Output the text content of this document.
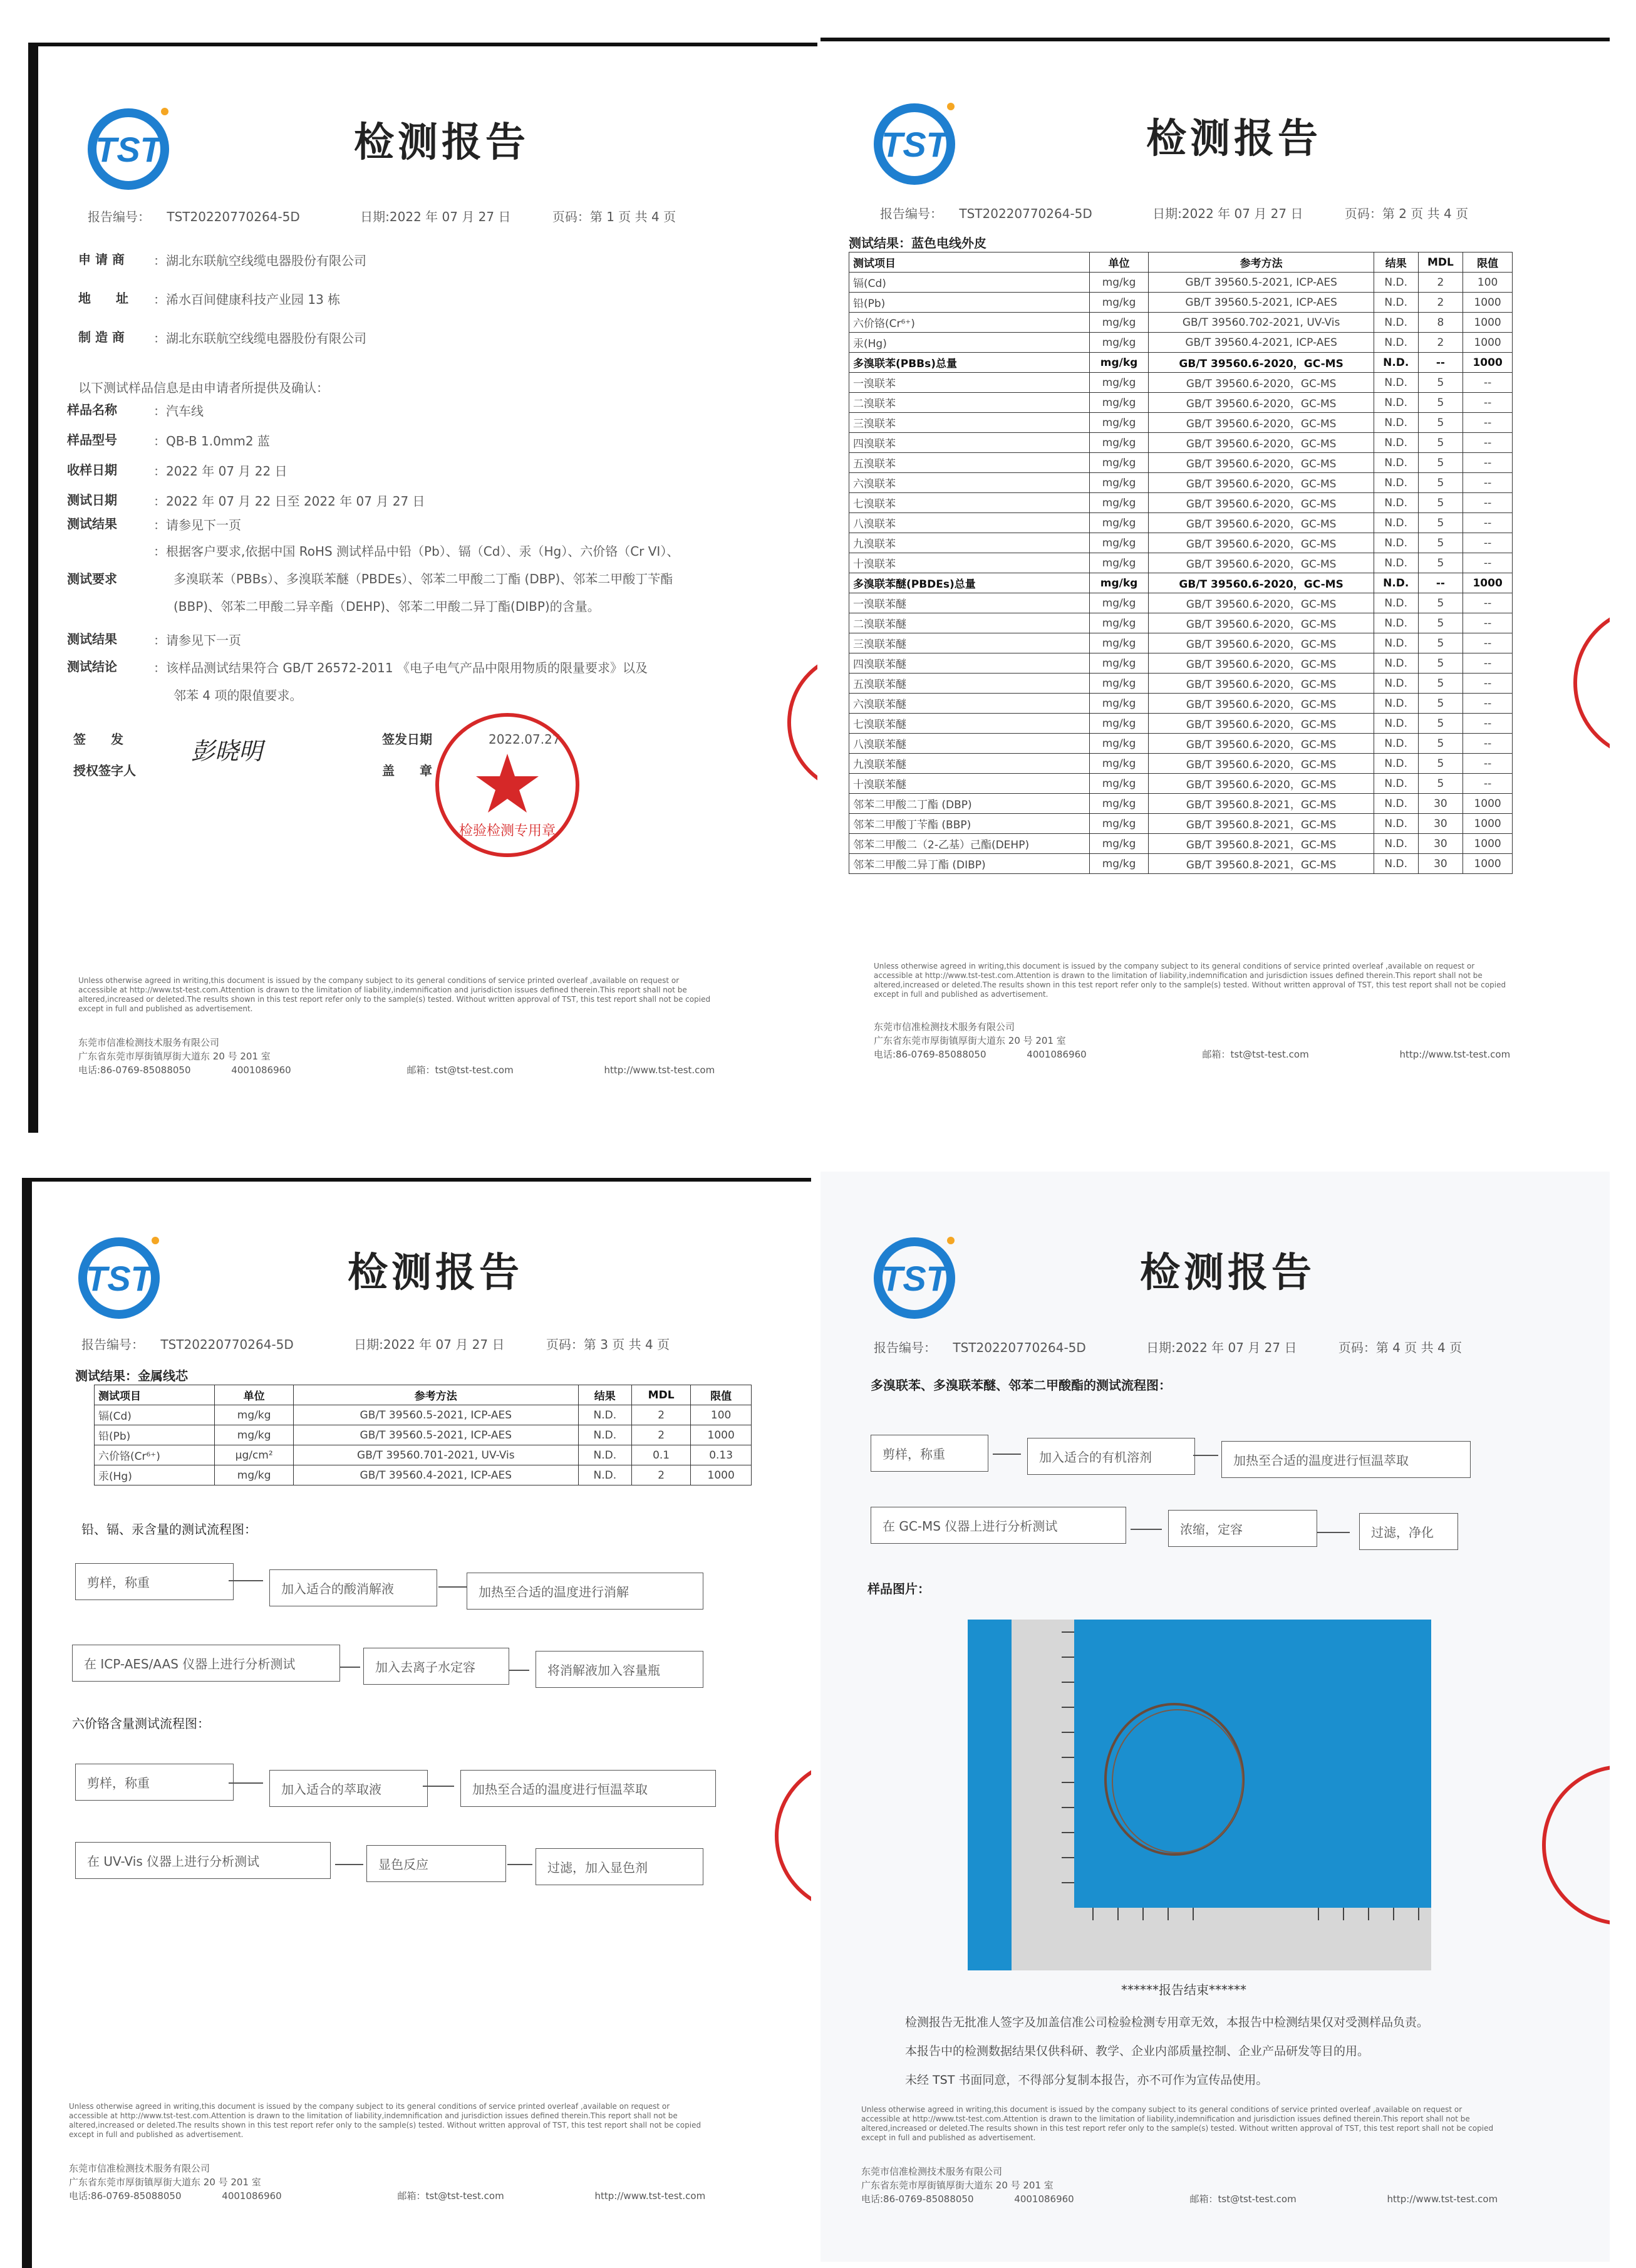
TST	检测报告
报告编号： TST20220770264-5D	日期:2022 年 07 月 27 日	页码：第 1 页 共 4 页
申 请 商 ：湖北东联航空线缆电器股份有限公司
地　　址 ：浠水百间健康科技产业园 13 栋
制 造 商 ：湖北东联航空线缆电器股份有限公司
以下测试样品信息是由申请者所提供及确认：
样品名称	：汽车线
样品型号	：QB-B 1.0mm2 蓝
收样日期	：2022 年 07 月 22 日
测试日期	：2022 年 07 月 22 日至 2022 年 07 月 27 日
测试结果	：请参见下一页
测试要求
：根据客户要求,依据中国 RoHS 测试样品中铅（Pb）、镉（Cd）、汞（Hg）、六价铬（Cr VI）、
多溴联苯（PBBs）、多溴联苯醚（PBDEs）、邻苯二甲酸二丁酯 (DBP)、邻苯二甲酸丁苄酯
(BBP)、邻苯二甲酸二异辛酯（DEHP)、邻苯二甲酸二异丁酯(DIBP)的含量。
测试结果	：请参见下一页
测试结论	：该样品测试结果符合 GB/T 26572-2011 《电子电气产品中限用物质的限量要求》以及
邻苯 4 项的限值要求。
签　　发
授权签字人
彭晓明	签发日期	2022.07.27
盖　　章
检验检测专用章
Unless otherwise agreed in writing,this document is issued by the company subject to its general conditions of service printed overleaf ,available on request or
accessible at http://www.tst-test.com.Attention is drawn to the limitation of liability,indemnification and jurisdiction issues defined therein.This report shall not be
altered,increased or deleted.The results shown in this test report refer only to the sample(s) tested. Without written approval of TST, this test report shall not be copied
except in full and published as advertisement.
东莞市信准检测技术服务有限公司
广东省东莞市厚街镇厚街大道东 20 号 201 室
电话:86-0769-85088050	4001086960	邮箱：tst@tst-test.com	http://www.tst-test.com
TST	检测报告
报告编号： TST20220770264-5D	日期:2022 年 07 月 27 日	页码：第 2 页 共 4 页
测试结果：蓝色电线外皮
测试项目	单位	参考方法	结果	MDL	限值
镉(Cd)	mg/kg	GB/T 39560.5-2021, ICP-AES	N.D.	2	100
铅(Pb)	mg/kg	GB/T 39560.5-2021, ICP-AES	N.D.	2	1000
六价铬(Cr⁶⁺)	mg/kg	GB/T 39560.702-2021, UV-Vis	N.D.	8	1000
汞(Hg)	mg/kg	GB/T 39560.4-2021, ICP-AES	N.D.	2	1000
多溴联苯(PBBs)总量	mg/kg	GB/T 39560.6-2020，GC-MS	N.D.	--	1000
一溴联苯	mg/kg	GB/T 39560.6-2020，GC-MS	N.D.	5	--
二溴联苯	mg/kg	GB/T 39560.6-2020，GC-MS	N.D.	5	--
三溴联苯	mg/kg	GB/T 39560.6-2020，GC-MS	N.D.	5	--
四溴联苯	mg/kg	GB/T 39560.6-2020，GC-MS	N.D.	5	--
五溴联苯	mg/kg	GB/T 39560.6-2020，GC-MS	N.D.	5	--
六溴联苯	mg/kg	GB/T 39560.6-2020，GC-MS	N.D.	5	--
七溴联苯	mg/kg	GB/T 39560.6-2020，GC-MS	N.D.	5	--
八溴联苯	mg/kg	GB/T 39560.6-2020，GC-MS	N.D.	5	--
九溴联苯	mg/kg	GB/T 39560.6-2020，GC-MS	N.D.	5	--
十溴联苯	mg/kg	GB/T 39560.6-2020，GC-MS	N.D.	5	--
多溴联苯醚(PBDEs)总量	mg/kg	GB/T 39560.6-2020，GC-MS	N.D.	--	1000
一溴联苯醚	mg/kg	GB/T 39560.6-2020，GC-MS	N.D.	5	--
二溴联苯醚	mg/kg	GB/T 39560.6-2020，GC-MS	N.D.	5	--
三溴联苯醚	mg/kg	GB/T 39560.6-2020，GC-MS	N.D.	5	--
四溴联苯醚	mg/kg	GB/T 39560.6-2020，GC-MS	N.D.	5	--
五溴联苯醚	mg/kg	GB/T 39560.6-2020，GC-MS	N.D.	5	--
六溴联苯醚	mg/kg	GB/T 39560.6-2020，GC-MS	N.D.	5	--
七溴联苯醚	mg/kg	GB/T 39560.6-2020，GC-MS	N.D.	5	--
八溴联苯醚	mg/kg	GB/T 39560.6-2020，GC-MS	N.D.	5	--
九溴联苯醚	mg/kg	GB/T 39560.6-2020，GC-MS	N.D.	5	--
十溴联苯醚	mg/kg	GB/T 39560.6-2020，GC-MS	N.D.	5	--
邻苯二甲酸二丁酯 (DBP)	mg/kg	GB/T 39560.8-2021，GC-MS	N.D.	30	1000
邻苯二甲酸丁苄酯 (BBP)	mg/kg	GB/T 39560.8-2021，GC-MS	N.D.	30	1000
邻苯二甲酸二（2-乙基）己酯(DEHP)	mg/kg	GB/T 39560.8-2021，GC-MS	N.D.	30	1000
邻苯二甲酸二异丁酯 (DIBP)	mg/kg	GB/T 39560.8-2021，GC-MS	N.D.	30	1000
Unless otherwise agreed in writing,this document is issued by the company subject to its general conditions of service printed overleaf ,available on request or
accessible at http://www.tst-test.com.Attention is drawn to the limitation of liability,indemnification and jurisdiction issues defined therein.This report shall not be
altered,increased or deleted.The results shown in this test report refer only to the sample(s) tested. Without written approval of TST, this test report shall not be copied
except in full and published as advertisement.
东莞市信准检测技术服务有限公司
广东省东莞市厚街镇厚街大道东 20 号 201 室
电话:86-0769-85088050	4001086960	邮箱：tst@tst-test.com	http://www.tst-test.com
TST	检测报告
报告编号： TST20220770264-5D	日期:2022 年 07 月 27 日	页码：第 3 页 共 4 页
测试结果：金属线芯
测试项目	单位	参考方法	结果	MDL	限值
镉(Cd)	mg/kg	GB/T 39560.5-2021, ICP-AES	N.D.	2	100
铅(Pb)	mg/kg	GB/T 39560.5-2021, ICP-AES	N.D.	2	1000
六价铬(Cr⁶⁺)	μg/cm²	GB/T 39560.701-2021, UV-Vis	N.D.	0.1	0.13
汞(Hg)	mg/kg	GB/T 39560.4-2021, ICP-AES	N.D.	2	1000
铅、镉、汞含量的测试流程图：
剪样，称重	加入适合的酸消解液	加热至合适的温度进行消解
将消解液加入容量瓶
加入去离子水定容
在 ICP-AES/AAS 仪器上进行分析测试
六价铬含量测试流程图：
剪样，称重	加入适合的萃取液	加热至合适的温度进行恒温萃取
过滤，加入显色剂
显色反应
在 UV-Vis 仪器上进行分析测试
Unless otherwise agreed in writing,this document is issued by the company subject to its general conditions of service printed overleaf ,available on request or
accessible at http://www.tst-test.com.Attention is drawn to the limitation of liability,indemnification and jurisdiction issues defined therein.This report shall not be
altered,increased or deleted.The results shown in this test report refer only to the sample(s) tested. Without written approval of TST, this test report shall not be copied
except in full and published as advertisement.
东莞市信准检测技术服务有限公司
广东省东莞市厚街镇厚街大道东 20 号 201 室
电话:86-0769-85088050	4001086960	邮箱：tst@tst-test.com	http://www.tst-test.com
TST	检测报告
报告编号： TST20220770264-5D	日期:2022 年 07 月 27 日	页码：第 4 页 共 4 页
多溴联苯、多溴联苯醚、邻苯二甲酸酯的测试流程图：
剪样，称重	加入适合的有机溶剂	加热至合适的温度进行恒温萃取
过滤，净化
浓缩，定容
在 GC-MS 仪器上进行分析测试
样品图片：
******报告结束******
检测报告无批准人签字及加盖信准公司检验检测专用章无效，本报告中检测结果仅对受测样品负责。
本报告中的检测数据结果仅供科研、教学、企业内部质量控制、企业产品研发等目的用。
未经 TST 书面同意，不得部分复制本报告，亦不可作为宣传品使用。
Unless otherwise agreed in writing,this document is issued by the company subject to its general conditions of service printed overleaf ,available on request or
accessible at http://www.tst-test.com.Attention is drawn to the limitation of liability,indemnification and jurisdiction issues defined therein.This report shall not be
altered,increased or deleted.The results shown in this test report refer only to the sample(s) tested. Without written approval of TST, this test report shall not be copied
except in full and published as advertisement.
东莞市信准检测技术服务有限公司
广东省东莞市厚街镇厚街大道东 20 号 201 室
电话:86-0769-85088050	4001086960	邮箱：tst@tst-test.com	http://www.tst-test.com
